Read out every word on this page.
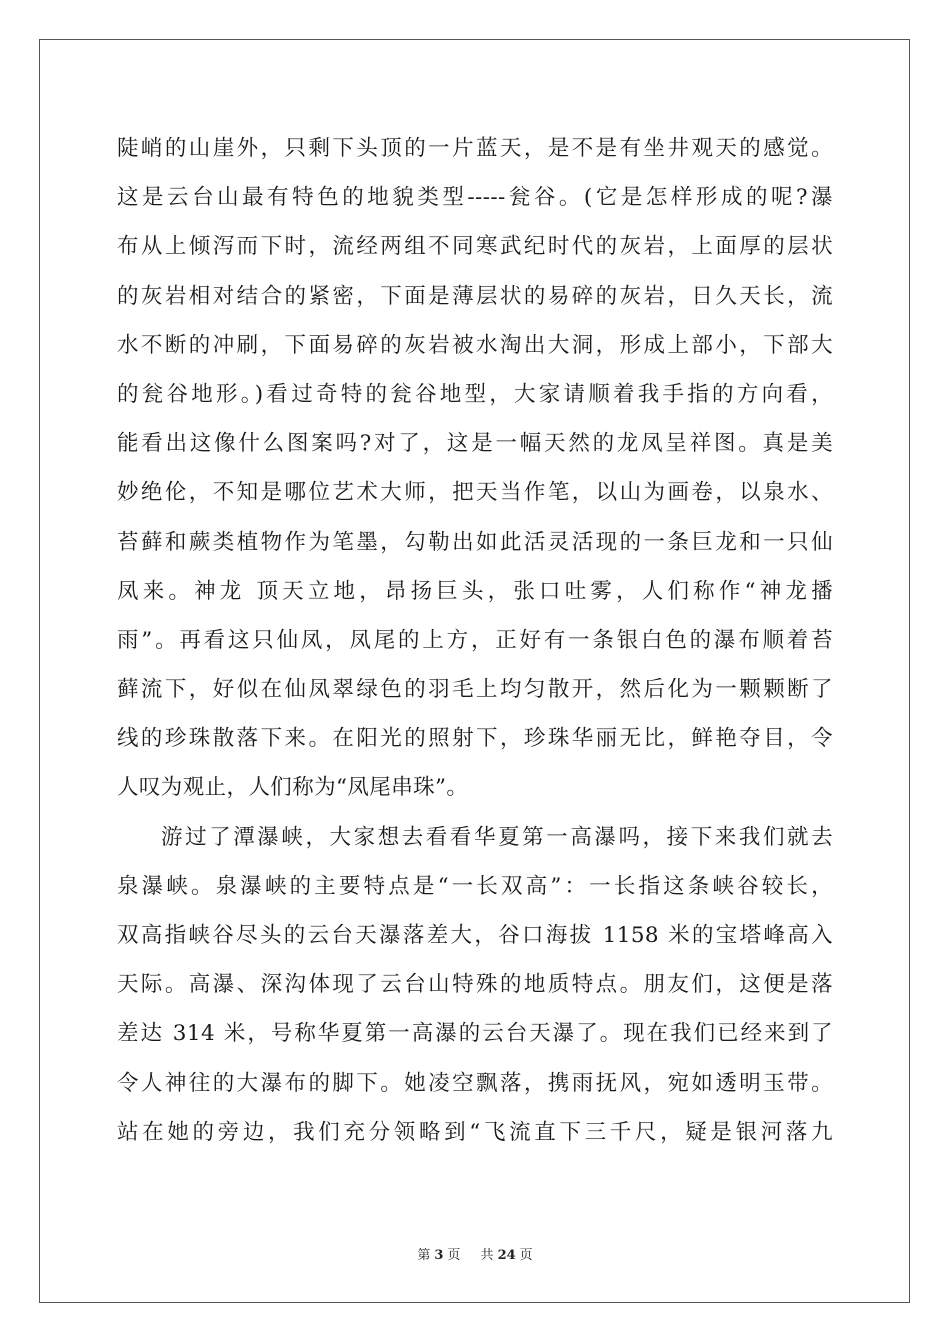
陡峭的山崖外，只剩下头顶的一片蓝天，是不是有坐井观天的感觉。
这是云台山最有特色的地貌类型-----瓮谷。(它是怎样形成的呢?瀑
布从上倾泻而下时，流经两组不同寒武纪时代的灰岩，上面厚的层状
的灰岩相对结合的紧密，下面是薄层状的易碎的灰岩，日久天长，流
水不断的冲刷，下面易碎的灰岩被水淘出大洞，形成上部小，下部大
的瓮谷地形。)看过奇特的瓮谷地型，大家请顺着我手指的方向看，
能看出这像什么图案吗?对了，这是一幅天然的龙凤呈祥图。真是美
妙绝伦，不知是哪位艺术大师，把天当作笔，以山为画卷，以泉水、
苔藓和蕨类植物作为笔墨，勾勒出如此活灵活现的一条巨龙和一只仙
凤来。神龙 顶天立地，昂扬巨头，张口吐雾，人们称作“神龙播
雨”。再看这只仙凤，凤尾的上方，正好有一条银白色的瀑布顺着苔
藓流下，好似在仙凤翠绿色的羽毛上均匀散开，然后化为一颗颗断了
线的珍珠散落下来。在阳光的照射下，珍珠华丽无比，鲜艳夺目，令
人叹为观止，人们称为“凤尾串珠”。
游过了潭瀑峡，大家想去看看华夏第一高瀑吗，接下来我们就去
泉瀑峡。泉瀑峡的主要特点是“一长双高”：一长指这条峡谷较长，
双高指峡谷尽头的云台天瀑落差大，谷口海拔 1158 米的宝塔峰高入
天际。高瀑、深沟体现了云台山特殊的地质特点。朋友们，这便是落
差达 314 米，号称华夏第一高瀑的云台天瀑了。现在我们已经来到了
令人神往的大瀑布的脚下。她凌空飘落，携雨抚风，宛如透明玉带。
站在她的旁边，我们充分领略到“飞流直下三千尺，疑是银河落九
第 3 页 共 24 页
